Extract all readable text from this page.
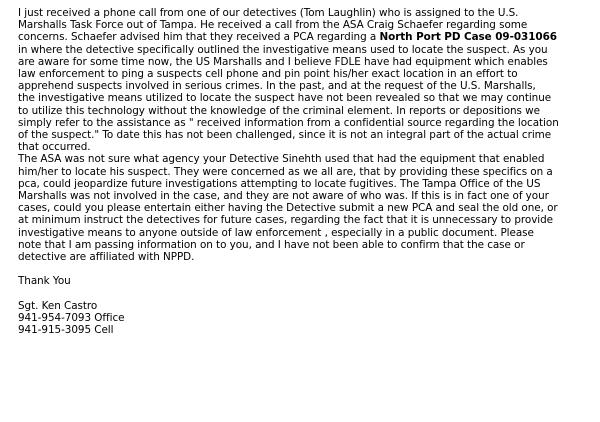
I just received a phone call from one of our detectives (Tom Laughlin) who is assigned to the U.S.
Marshalls Task Force out of Tampa. He received a call from the ASA Craig Schaefer regarding some
concerns. Schaefer advised him that they received a PCA regarding a North Port PD Case 09-031066
in where the detective specifically outlined the investigative means used to locate the suspect. As you
are aware for some time now, the US Marshalls and I believe FDLE have had equipment which enables
law enforcement to ping a suspects cell phone and pin point his/her exact location in an effort to
apprehend suspects involved in serious crimes. In the past, and at the request of the U.S. Marshalls,
the investigative means utilized to locate the suspect have not been revealed so that we may continue
to utilize this technology without the knowledge of the criminal element. In reports or depositions we
simply refer to the assistance as " received information from a confidential source regarding the location
of the suspect." To date this has not been challenged, since it is not an integral part of the actual crime
that occurred.

The ASA was not sure what agency your Detective Sinehth used that had the equipment that enabled
him/her to locate his suspect. They were concerned as we all are, that by providing these specifics on a
pca, could jeopardize future investigations attempting to locate fugitives. The Tampa Office of the US
Marshalls was not involved in the case, and they are not aware of who was. If this is in fact one of your
cases, could you please entertain either having the Detective submit a new PCA and seal the old one, or
at minimum instruct the detectives for future cases, regarding the fact that it is unnecessary to provide
investigative means to anyone outside of law enforcement , especially in a public document. Please
note that I am passing information on to you, and I have not been able to confirm that the case or
detective are affiliated with NPPD.

Thank You

Sgt. Ken Castro
941-954-7093 Office
941-915-3095 Cell
